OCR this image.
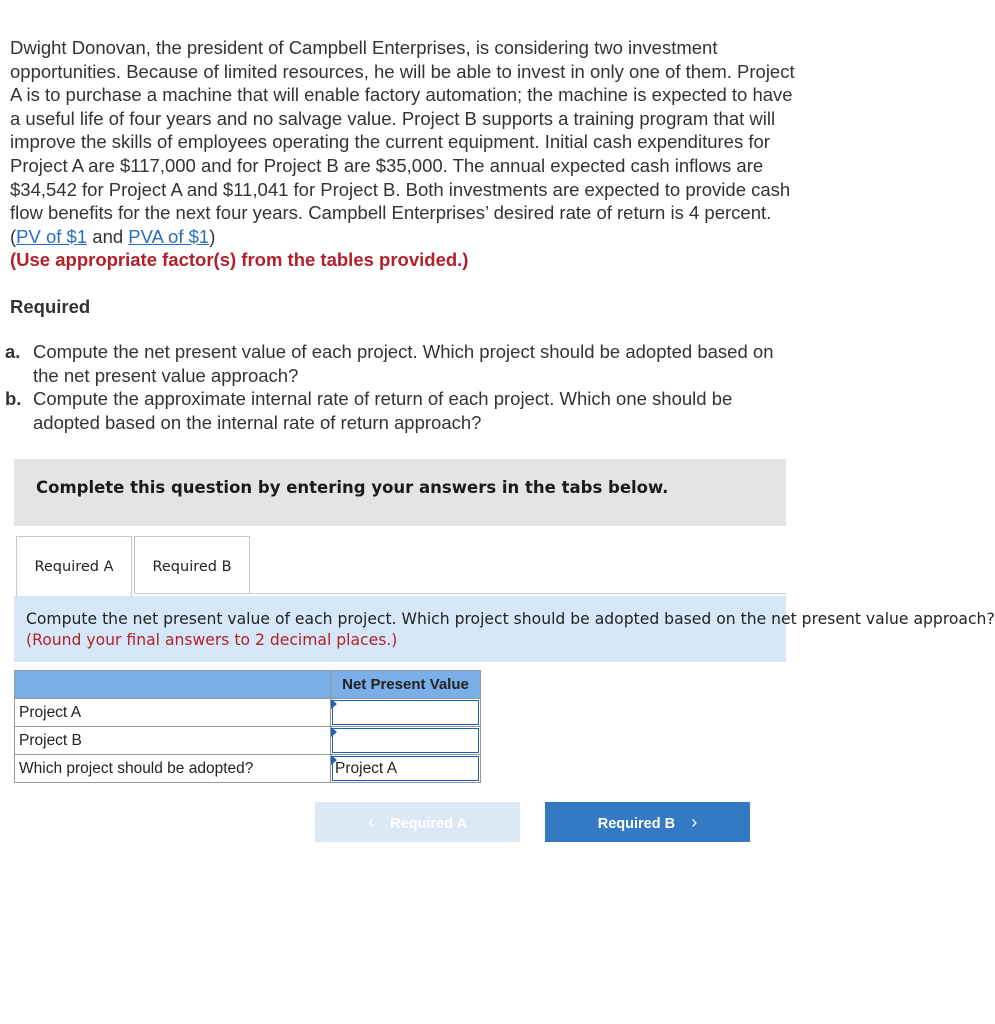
Dwight Donovan, the president of Campbell Enterprises, is considering two investment opportunities. Because of limited resources, he will be able to invest in only one of them. Project A is to purchase a machine that will enable factory automation; the machine is expected to have a useful life of four years and no salvage value. Project B supports a training program that will improve the skills of employees operating the current equipment. Initial cash expenditures for Project A are $117,000 and for Project B are $35,000. The annual expected cash inflows are $34,542 for Project A and $11,041 for Project B. Both investments are expected to provide cash flow benefits for the next four years. Campbell Enterprises’ desired rate of return is 4 percent. (PV of $1 and PVA of $1)
(Use appropriate factor(s) from the tables provided.)
Required
a. Compute the net present value of each project. Which project should be adopted based on the net present value approach?
b. Compute the approximate internal rate of return of each project. Which one should be adopted based on the internal rate of return approach?
Complete this question by entering your answers in the tabs below.
Required A	Required B
Compute the net present value of each project. Which project should be adopted based on the net present value approach?
(Round your final answers to 2 decimal places.)
	Net Present Value
Project A	

Project B	

Which project should be adopted?	Project A
‹ Required A	Required B ›
